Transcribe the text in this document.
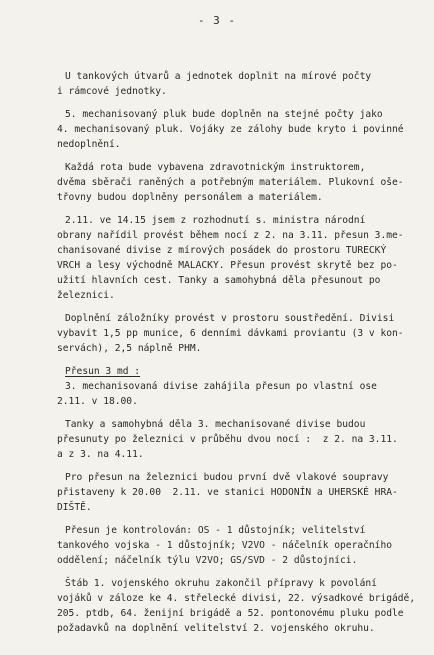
- 3 -
U tankových útvarů a jednotek doplnit na mírové počty
i rámcové jednotky.
5. mechanisovaný pluk bude doplněn na stejné počty jako
4. mechanisovaný pluk. Vojáky ze zálohy bude kryto i povinné
nedoplnění.
Každá rota bude vybavena zdravotnickým instruktorem,
dvěma sběrači raněných a potřebným materiálem. Plukovní oše-
třovny budou doplněny personálem a materiálem.
2.11. ve 14.15 jsem z rozhodnutí s. ministra národní
obrany nařídil provést během nocí z 2. na 3.11. přesun 3.me-
chanisované divise z mírových posádek do prostoru TURECKÝ
VRCH a lesy východně MALACKY. Přesun provést skrytě bez po-
užití hlavních cest. Tanky a samohybná děla přesunout po
železnici.
Doplnění záložníky provést v prostoru soustředění. Divisi
vybavit 1,5 pp munice, 6 denními dávkami proviantu (3 v kon-
servách), 2,5 náplně PHM.
Přesun 3 md :
3. mechanisovaná divise zahájila přesun po vlastní ose
2.11. v 18.00.
Tanky a samohybná děla 3. mechanisované divise budou
přesunuty po železnici v průběhu dvou nocí :  z 2. na 3.11.
a z 3. na 4.11.
Pro přesun na železnici budou první dvě vlakové soupravy
přistaveny k 20.00  2.11. ve stanici HODONÍN a UHERSKÉ HRA-
DIŠTĚ.
Přesun je kontrolován: OS - 1 důstojník; velitelství
tankového vojska - 1 důstojník; V2VO - náčelník operačního
oddělení; náčelník týlu V2VO; GS/SVD - 2 důstojníci.
Štáb 1. vojenského okruhu zakončil přípravy k povolání
vojáků v záloze ke 4. střelecké divisi, 22. výsadkové brigádě,
205. ptdb, 64. ženijní brigádě a 52. pontonovému pluku podle
požadavků na doplnění velitelství 2. vojenského okruhu.
